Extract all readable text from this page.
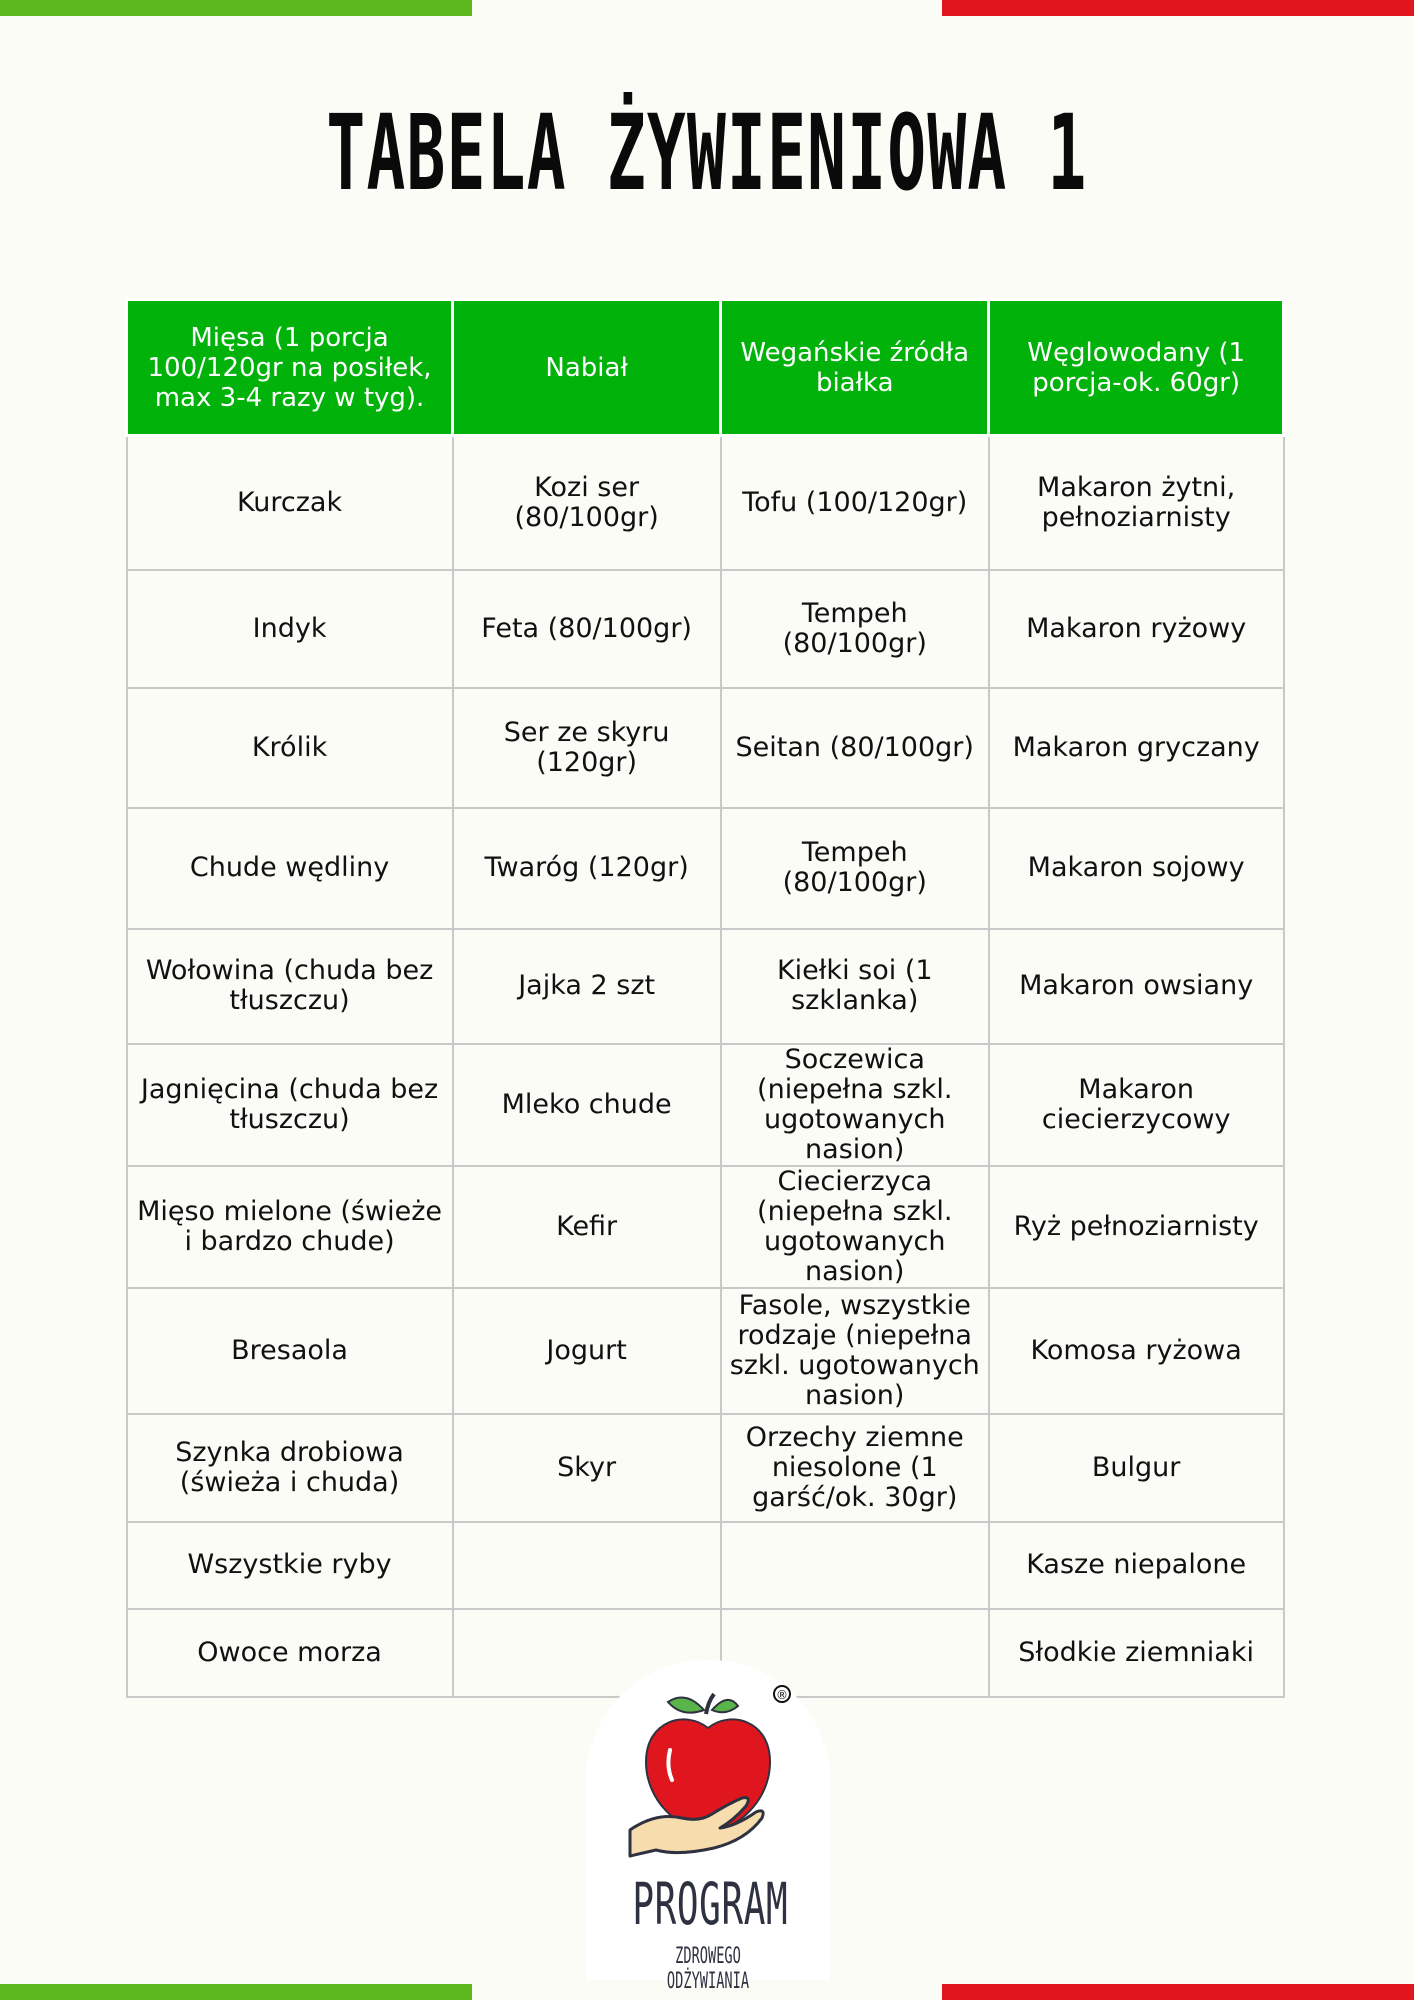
TABELA ŻYWIENIOWA 1
Mięsa (1 porcja 100/120gr na posiłek, max 3-4 razy w tyg).	Nabiał	Wegańskie źródła białka	Węglowodany (1 porcja-ok. 60gr)
Kurczak	Kozi ser (80/100gr)	Tofu (100/120gr)	Makaron żytni, pełnoziarnisty
Indyk	Feta (80/100gr)	Tempeh (80/100gr)	Makaron ryżowy
Królik	Ser ze skyru (120gr)	Seitan (80/100gr)	Makaron gryczany
Chude wędliny	Twaróg (120gr)	Tempeh (80/100gr)	Makaron sojowy
Wołowina (chuda bez tłuszczu)	Jajka 2 szt	Kiełki soi (1 szklanka)	Makaron owsiany
Jagnięcina (chuda bez tłuszczu)	Mleko chude	Soczewica (niepełna szkl. ugotowanych nasion)	Makaron ciecierzycowy
Mięso mielone (świeże i bardzo chude)	Kefir	Ciecierzyca (niepełna szkl. ugotowanych nasion)	Ryż pełnoziarnisty
Bresaola	Jogurt	Fasole, wszystkie rodzaje (niepełna szkl. ugotowanych nasion)	Komosa ryżowa
Szynka drobiowa (świeża i chuda)	Skyr	Orzechy ziemne niesolone (1 garść/ok. 30gr)	Bulgur
Wszystkie ryby			Kasze niepalone
Owoce morza			Słodkie ziemniaki
®
PROGRAM
ZDROWEGO ODŻYWIANIA
